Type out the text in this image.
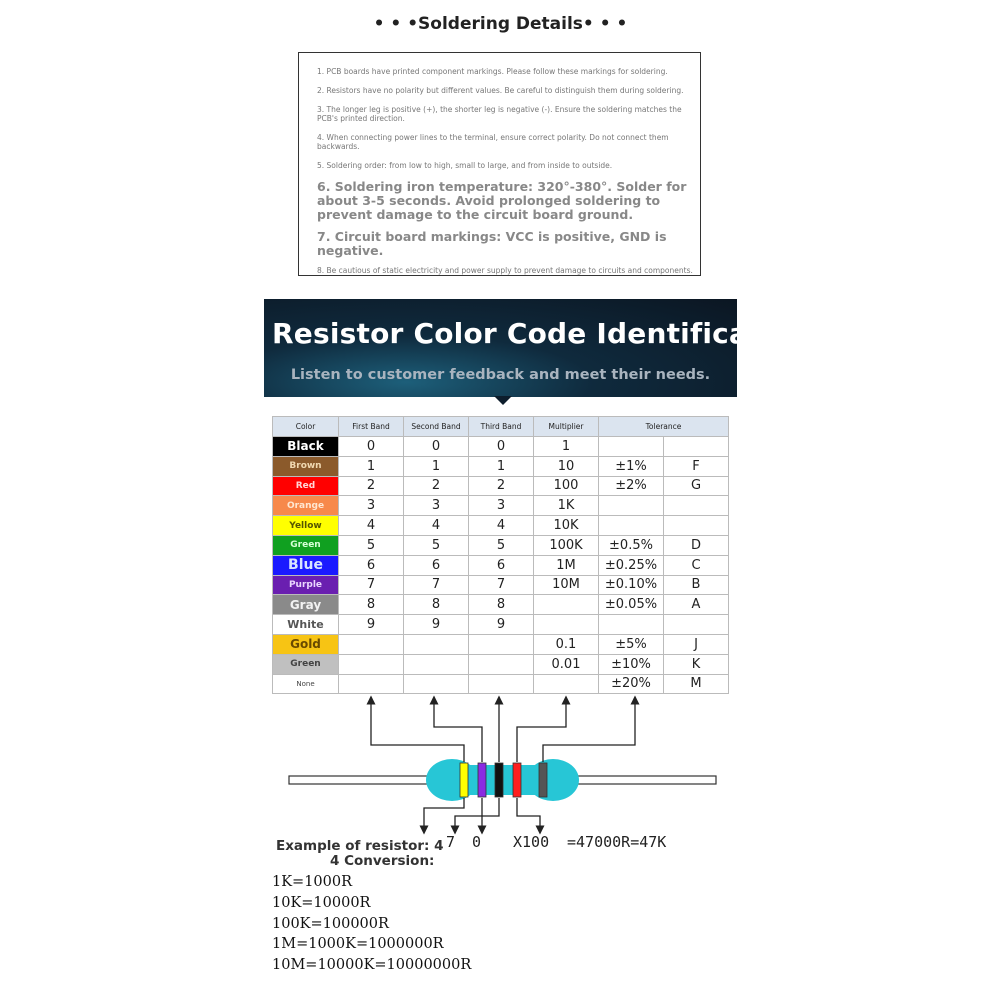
• • •Soldering Details• • •
1. PCB boards have printed component markings. Please follow these markings for soldering.
2. Resistors have no polarity but different values. Be careful to distinguish them during soldering.
3. The longer leg is positive (+), the shorter leg is negative (-). Ensure the soldering matches the PCB's printed direction.
4. When connecting power lines to the terminal, ensure correct polarity. Do not connect them backwards.
5. Soldering order: from low to high, small to large, and from inside to outside.
6. Soldering iron temperature: 320°-380°. Solder for about 3-5 seconds. Avoid prolonged soldering to prevent damage to the circuit board ground.
7. Circuit board markings: VCC is positive, GND is negative.
8. Be cautious of static electricity and power supply to prevent damage to circuits and components.
Resistor Color Code Identification
Listen to customer feedback and meet their needs.
Color	First Band	Second Band	Third Band	Multiplier	Tolerance	
Black	0	0	0	1		
Brown	1	1	1	10	±1%	F
Red	2	2	2	100	±2%	G
Orange	3	3	3	1K		
Yellow	4	4	4	10K		
Green	5	5	5	100K	±0.5%	D
Blue	6	6	6	1M	±0.25%	C
Purple	7	7	7	10M	±0.10%	B
Gray	8	8	8		±0.05%	A
White	9	9	9			
Gold				0.1	±5%	J
Green				0.01	±10%	K
None					±20%	M
Example of resistor: 4
4 Conversion:
7 0 X100 =47000R=47K
1K=1000R
10K=10000R
100K=100000R
1M=1000K=1000000R
10M=10000K=10000000R
